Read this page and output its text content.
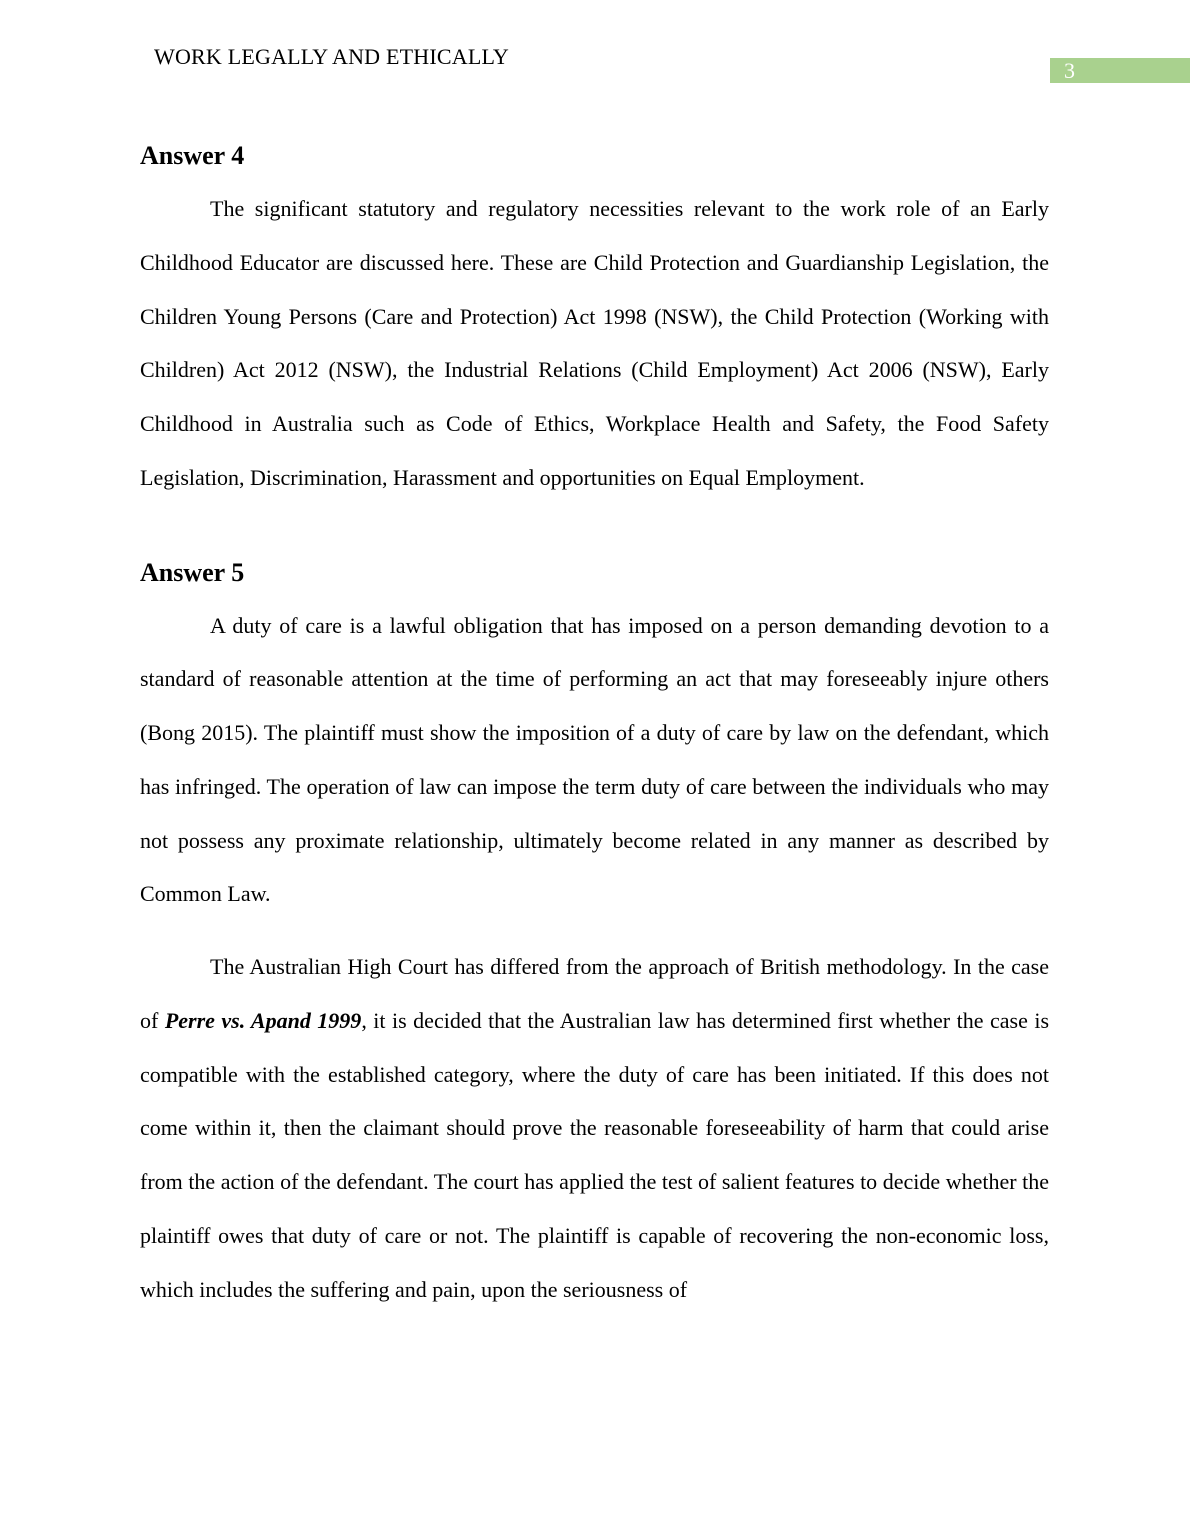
WORK LEGALLY AND ETHICALLY
3
Answer 4

The significant statutory and regulatory necessities relevant to the work role of an Early Childhood Educator are discussed here. These are Child Protection and Guardianship Legislation, the Children Young Persons (Care and Protection) Act 1998 (NSW), the Child Protection (Working with Children) Act 2012 (NSW), the Industrial Relations (Child Employment) Act 2006 (NSW), Early Childhood in Australia such as Code of Ethics, Workplace Health and Safety, the Food Safety Legislation, Discrimination, Harassment and opportunities on Equal Employment.

Answer 5

A duty of care is a lawful obligation that has imposed on a person demanding devotion to a standard of reasonable attention at the time of performing an act that may foreseeably injure others (Bong 2015). The plaintiff must show the imposition of a duty of care by law on the defendant, which has infringed. The operation of law can impose the term duty of care between the individuals who may not possess any proximate relationship, ultimately become related in any manner as described by Common Law.

The Australian High Court has differed from the approach of British methodology. In the case of Perre vs. Apand 1999, it is decided that the Australian law has determined first whether the case is compatible with the established category, where the duty of care has been initiated. If this does not come within it, then the claimant should prove the reasonable foreseeability of harm that could arise from the action of the defendant. The court has applied the test of salient features to decide whether the plaintiff owes that duty of care or not. The plaintiff is capable of recovering the non-economic loss, which includes the suffering and pain, upon the seriousness of
